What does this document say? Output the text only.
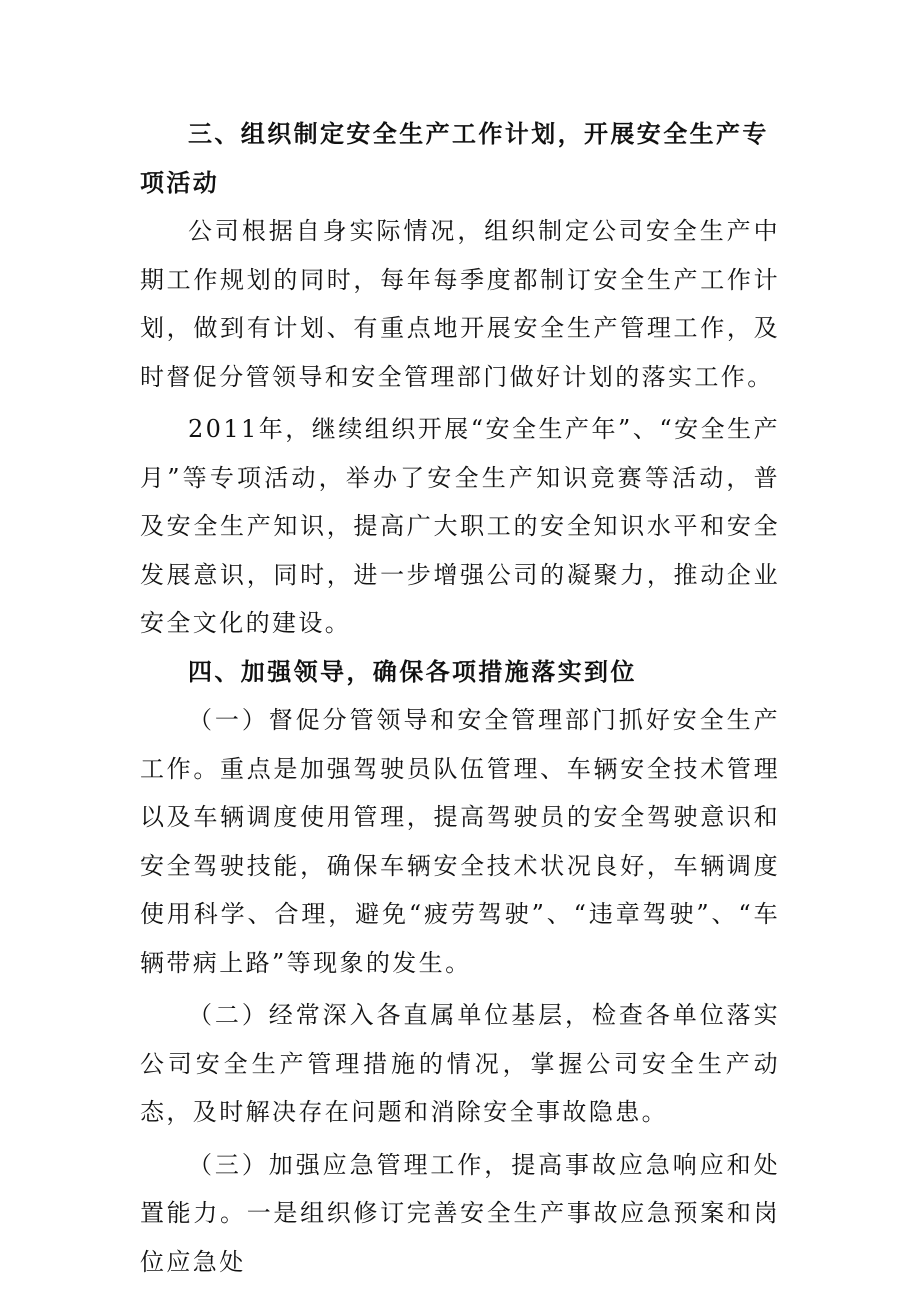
三、组织制定安全生产工作计划，开展安全生产专项活动

公司根据自身实际情况，组织制定公司安全生产中期工作规划的同时，每年每季度都制订安全生产工作计划，做到有计划、有重点地开展安全生产管理工作，及时督促分管领导和安全管理部门做好计划的落实工作。

2011年，继续组织开展“安全生产年”、“安全生产月”等专项活动，举办了安全生产知识竞赛等活动，普及安全生产知识，提高广大职工的安全知识水平和安全发展意识，同时，进一步增强公司的凝聚力，推动企业安全文化的建设。

四、加强领导，确保各项措施落实到位

（一）督促分管领导和安全管理部门抓好安全生产工作。重点是加强驾驶员队伍管理、车辆安全技术管理以及车辆调度使用管理，提高驾驶员的安全驾驶意识和安全驾驶技能，确保车辆安全技术状况良好，车辆调度使用科学、合理，避免“疲劳驾驶”、“违章驾驶”、“车辆带病上路”等现象的发生。

（二）经常深入各直属单位基层，检查各单位落实公司安全生产管理措施的情况，掌握公司安全生产动态，及时解决存在问题和消除安全事故隐患。

（三）加强应急管理工作，提高事故应急响应和处置能力。一是组织修订完善安全生产事故应急预案和岗位应急处
